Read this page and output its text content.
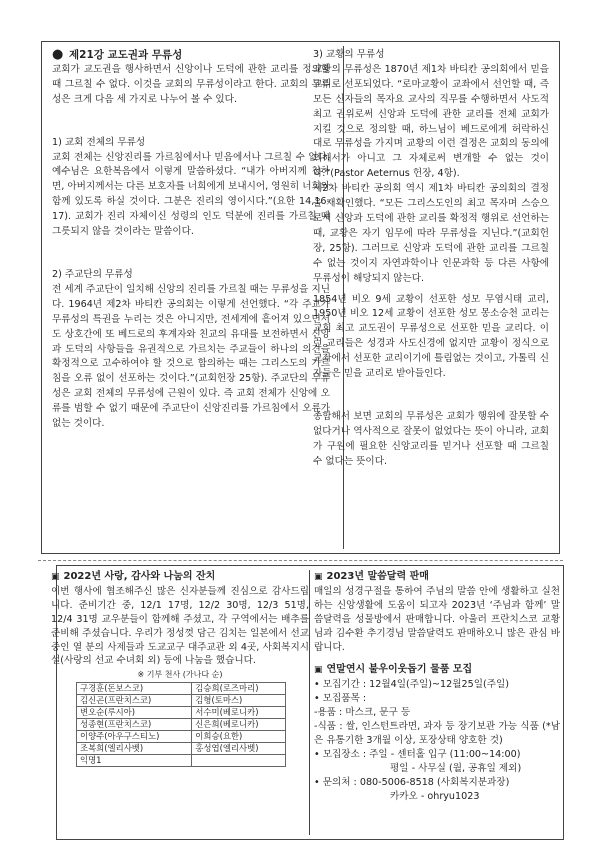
● 제21강 교도권과 무류성

교회가 교도권을 행사하면서 신앙이나 도덕에 관한 교리를 정의할 때 그르칠 수 없다. 이것을 교회의 무류성이라고 한다. 교회의 무류성은 크게 다음 세 가지로 나누어 볼 수 있다.

1) 교회 전체의 무류성

교회 전체는 신앙진리를 가르침에서나 믿음에서나 그르칠 수 없다. 예수님은 요한복음에서 이렇게 말씀하셨다. “내가 아버지께 청하면, 아버지께서는 다른 보호자를 너희에게 보내시어, 영원히 너희와 함께 있도록 하실 것이다. 그분은 진리의 영이시다.”(요한 14,16-17). 교회가 진리 자체이신 성령의 인도 덕분에 진리를 가르칠 때 그릇되지 않을 것이라는 말씀이다.

2) 주교단의 무류성

전 세계 주교단이 일치해 신앙의 진리를 가르칠 때는 무류성을 지닌다. 1964년 제2차 바티칸 공의회는 이렇게 선언했다. “각 주교가 무류성의 특권을 누리는 것은 아니지만, 전세계에 흩어져 있으면서도 상호간에 또 베드로의 후계자와 친교의 유대를 보전하면서 신앙과 도덕의 사항들을 유권적으로 가르치는 주교들이 하나의 의견을 확정적으로 고수하여야 할 것으로 합의하는 때는 그리스도의 가르침을 오류 없이 선포하는 것이다.”(교회헌장 25항). 주교단의 무류성은 교회 전체의 무류성에 근원이 있다. 즉 교회 전체가 신앙에 오류를 범할 수 없기 때문에 주교단이 신앙진리를 가르침에서 오류가 없는 것이다.

3) 교황의 무류성

교황의 무류성은 1870년 제1차 바티칸 공의회에서 믿을 교리로 선포되었다. “로마교황이 교좌에서 선언할 때, 즉 모든 신자들의 목자요 교사의 직무를 수행하면서 사도적 최고 권위로써 신앙과 도덕에 관한 교리를 전체 교회가 지킬 것으로 정의할 때, 하느님이 베드로에게 허락하신 대로 무류성을 가지며 교황의 이런 결정은 교회의 동의에 의해서가 아니고 그 자체로써 변개할 수 없는 것이다.”(Pastor Aeternus 헌장, 4항).

제2차 바티칸 공의회 역시 제1차 바티칸 공의회의 결정을 재확인했다. “모든 그리스도인의 최고 목자며 스승으로서 신앙과 도덕에 관한 교리를 확정적 행위로 선언하는 때, 교황은 자기 임무에 따라 무류성을 지닌다.”(교회헌장, 25항). 그러므로 신앙과 도덕에 관한 교리를 그르칠 수 없는 것이지 자연과학이나 인문과학 등 다른 사항에 무류성이 해당되지 않는다.

1854년 비오 9세 교황이 선포한 성모 무염시태 교리, 1950년 비오 12세 교황이 선포한 성모 몽소승천 교리는 교회 최고 교도권이 무류성으로 선포한 믿을 교리다. 이런 교리들은 성경과 사도신경에 없지만 교황이 정식으로 교좌에서 선포한 교리이기에 틀림없는 것이고, 가톨릭 신자들은 믿을 교리로 받아들인다.

종합해서 보면 교회의 무류성은 교회가 행위에 잘못할 수 없다거나 역사적으로 잘못이 없었다는 뜻이 아니라, 교회가 구원에 필요한 신앙교리를 믿거나 선포할 때 그르칠 수 없다는 뜻이다.

▣ 2022년 사랑, 감사와 나눔의 잔치

이번 행사에 협조해주신 많은 신자분들께 진심으로 감사드립니다. 준비기간 중, 12/1 17명, 12/2 30명, 12/3 51명, 12/4 31명 교우분들이 함께해 주셨고, 각 구역에서는 배추를 준비해 주셨습니다. 우리가 정성껏 담근 김치는 일본에서 선교 중인 열 분의 사제들과 도교교구 대주교관 외 4곳, 사회복지시설(사랑의 선교 수녀회 외) 등에 나눔을 했습니다.

※ 기부 천사 (가나다 순)

구경훈(돈보스코)	김승희(로즈마리)
김신곤(프란치스코)	김형(토마스)
변오순(루시아)	서수미(베로니카)
성종현(프란치스코)	신은희(베로니카)
이양주(아우구스티노)	이희승(요한)
조복희(엘리사벳)	홍성엽(엘리사벳)
익명1	

▣ 2023년 말씀달력 판매

매일의 성경구절을 통하여 주님의 말씀 안에 생활하고 실천하는 신앙생활에 도움이 되고자 2023년 ‘주님과 함께’ 말씀달력을 성물방에서 판매합니다. 아울러 프란치스코 교황님과 김수환 추기경님 말씀달력도 판매하오니 많은 관심 바랍니다.

▣ 연말연시 불우이웃돕기 물품 모집

• 모집기간 : 12월4일(주일)~12월25일(주일)

• 모집품목 :

-용품 : 마스크, 문구 등

-식품 : 쌀, 인스턴트라면, 과자 등 장기보관 가능 식품 (*남은 유통기한 3개월 이상, 포장상태 양호한 것)

• 모집장소 : 주일 - 센터홀 입구 (11:00~14:00)

평일 - 사무실 (월, 공휴일 제외)

• 문의처 : 080-5006-8518 (사회복지분과장)

카카오 - ohryu1023
